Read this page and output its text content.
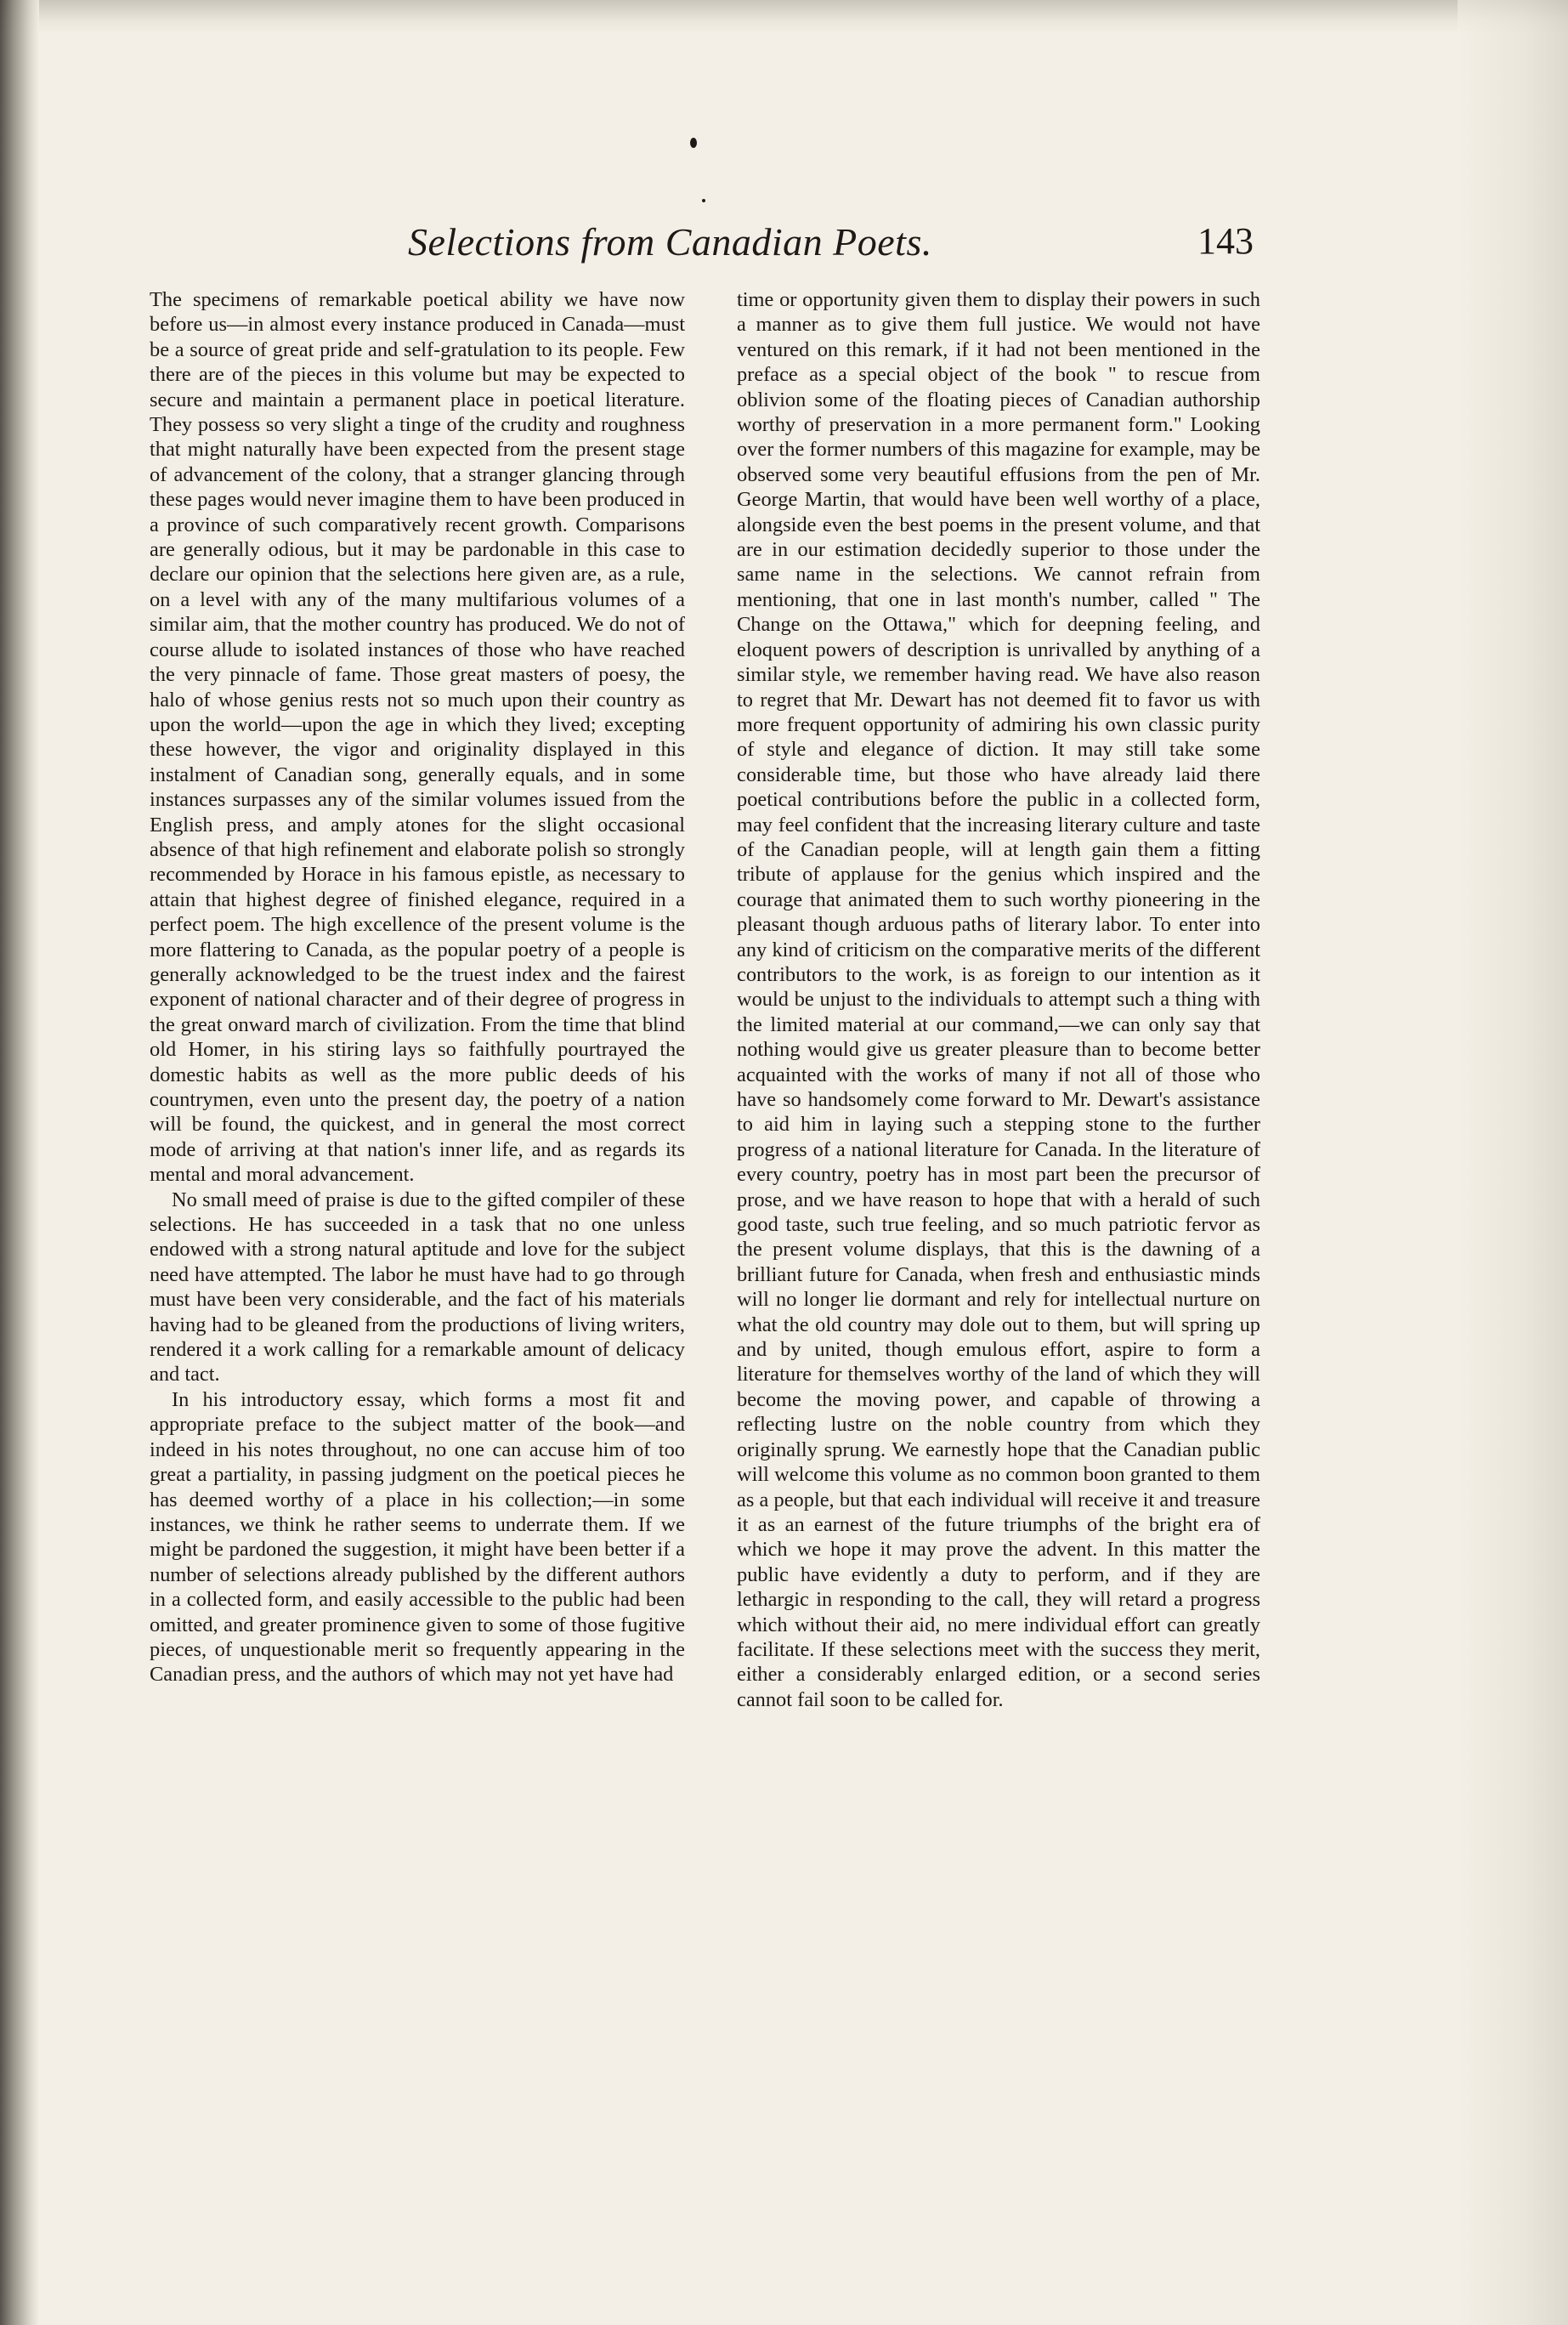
Selections from Canadian Poets.	143

The specimens of remarkable poetical ability we have now before us—in almost every instance produced in Canada—must be a source of great pride and self-gratulation to its people. Few there are of the pieces in this volume but may be expected to secure and maintain a permanent place in poetical literature. They possess so very slight a tinge of the crudity and roughness that might naturally have been expected from the present stage of advancement of the colony, that a stranger glancing through these pages would never imagine them to have been produced in a province of such comparatively recent growth. Comparisons are generally odious, but it may be pardonable in this case to declare our opinion that the selections here given are, as a rule, on a level with any of the many multifarious volumes of a similar aim, that the mother country has produced. We do not of course allude to isolated instances of those who have reached the very pinnacle of fame. Those great masters of poesy, the halo of whose genius rests not so much upon their country as upon the world—upon the age in which they lived; excepting these however, the vigor and originality displayed in this instalment of Canadian song, generally equals, and in some instances surpasses any of the similar volumes issued from the English press, and amply atones for the slight occasional absence of that high refinement and elaborate polish so strongly recommended by Horace in his famous epistle, as necessary to attain that highest degree of finished elegance, required in a perfect poem. The high excellence of the present volume is the more flattering to Canada, as the popular poetry of a people is generally acknowledged to be the truest index and the fairest exponent of national character and of their degree of progress in the great onward march of civilization. From the time that blind old Homer, in his stiring lays so faithfully pourtrayed the domestic habits as well as the more public deeds of his countrymen, even unto the present day, the poetry of a nation will be found, the quickest, and in general the most correct mode of arriving at that nation's inner life, and as regards its mental and moral advancement.

No small meed of praise is due to the gifted compiler of these selections. He has succeeded in a task that no one unless endowed with a strong natural aptitude and love for the subject need have attempted. The labor he must have had to go through must have been very considerable, and the fact of his materials having had to be gleaned from the productions of living writers, rendered it a work calling for a remarkable amount of delicacy and tact.

In his introductory essay, which forms a most fit and appropriate preface to the subject matter of the book—and indeed in his notes throughout, no one can accuse him of too great a partiality, in passing judgment on the poetical pieces he has deemed worthy of a place in his collection;—in some instances, we think he rather seems to underrate them. If we might be pardoned the suggestion, it might have been better if a number of selections already published by the different authors in a collected form, and easily accessible to the public had been omitted, and greater prominence given to some of those fugitive pieces, of unquestionable merit so frequently appearing in the Canadian press, and the authors of which may not yet have had

time or opportunity given them to display their powers in such a manner as to give them full justice. We would not have ventured on this remark, if it had not been mentioned in the preface as a special object of the book " to rescue from oblivion some of the floating pieces of Canadian authorship worthy of preservation in a more permanent form." Looking over the former numbers of this magazine for example, may be observed some very beautiful effusions from the pen of Mr. George Martin, that would have been well worthy of a place, alongside even the best poems in the present volume, and that are in our estimation decidedly superior to those under the same name in the selections. We cannot refrain from mentioning, that one in last month's number, called " The Change on the Ottawa," which for deepning feeling, and eloquent powers of description is unrivalled by anything of a similar style, we remember having read. We have also reason to regret that Mr. Dewart has not deemed fit to favor us with more frequent opportunity of admiring his own classic purity of style and elegance of diction. It may still take some considerable time, but those who have already laid there poetical contributions before the public in a collected form, may feel confident that the increasing literary culture and taste of the Canadian people, will at length gain them a fitting tribute of applause for the genius which inspired and the courage that animated them to such worthy pioneering in the pleasant though arduous paths of literary labor. To enter into any kind of criticism on the comparative merits of the different contributors to the work, is as foreign to our intention as it would be unjust to the individuals to attempt such a thing with the limited material at our command,—we can only say that nothing would give us greater pleasure than to become better acquainted with the works of many if not all of those who have so handsomely come forward to Mr. Dewart's assistance to aid him in laying such a stepping stone to the further progress of a national literature for Canada. In the literature of every country, poetry has in most part been the precursor of prose, and we have reason to hope that with a herald of such good taste, such true feeling, and so much patriotic fervor as the present volume displays, that this is the dawning of a brilliant future for Canada, when fresh and enthusiastic minds will no longer lie dormant and rely for intellectual nurture on what the old country may dole out to them, but will spring up and by united, though emulous effort, aspire to form a literature for themselves worthy of the land of which they will become the moving power, and capable of throwing a reflecting lustre on the noble country from which they originally sprung. We earnestly hope that the Canadian public will welcome this volume as no common boon granted to them as a people, but that each individual will receive it and treasure it as an earnest of the future triumphs of the bright era of which we hope it may prove the advent. In this matter the public have evidently a duty to perform, and if they are lethargic in responding to the call, they will retard a progress which without their aid, no mere individual effort can greatly facilitate. If these selections meet with the success they merit, either a considerably enlarged edition, or a second series cannot fail soon to be called for.
